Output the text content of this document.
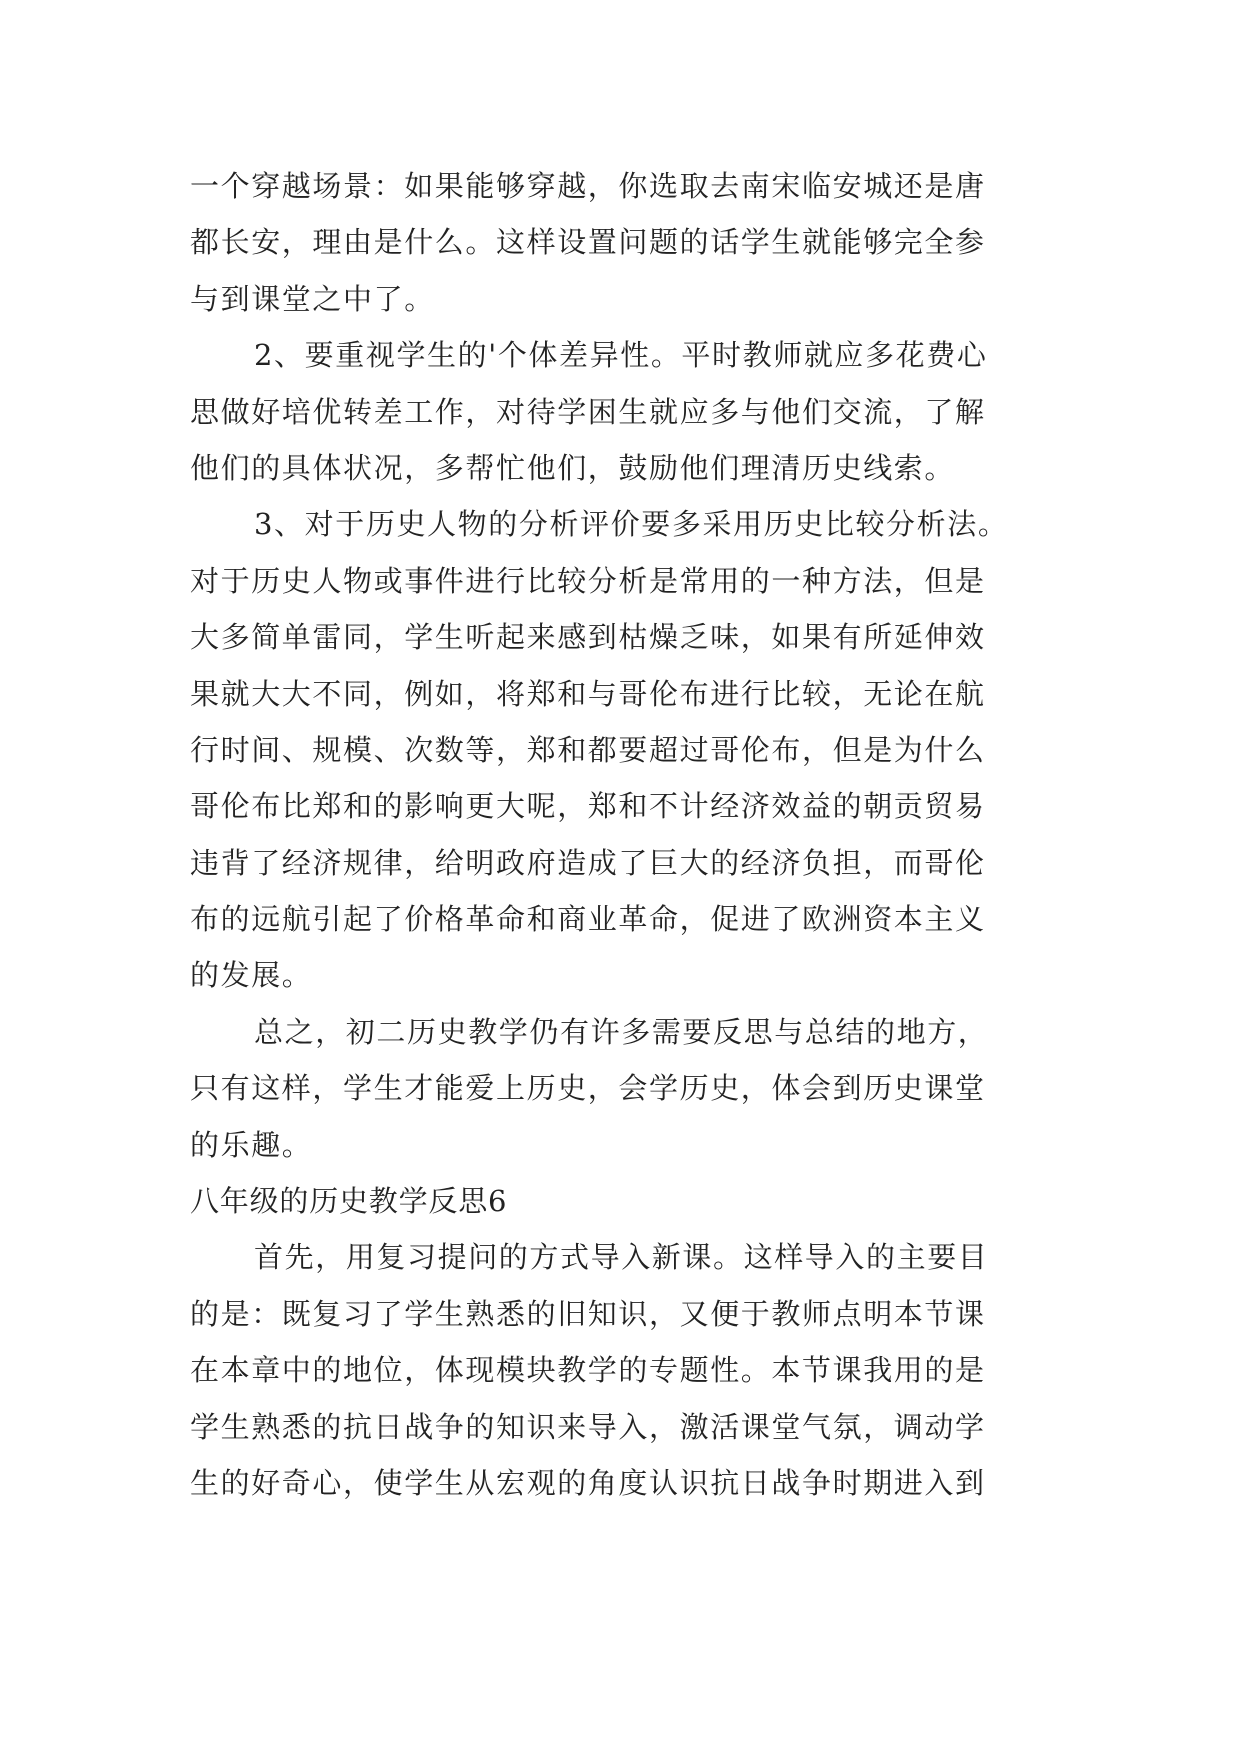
一个穿越场景：如果能够穿越，你选取去南宋临安城还是唐
都长安，理由是什么。这样设置问题的话学生就能够完全参
与到课堂之中了。
2、要重视学生的'个体差异性。平时教师就应多花费心
思做好培优转差工作，对待学困生就应多与他们交流，了解
他们的具体状况，多帮忙他们，鼓励他们理清历史线索。
3、对于历史人物的分析评价要多采用历史比较分析法。
对于历史人物或事件进行比较分析是常用的一种方法，但是
大多简单雷同，学生听起来感到枯燥乏味，如果有所延伸效
果就大大不同，例如，将郑和与哥伦布进行比较，无论在航
行时间、规模、次数等，郑和都要超过哥伦布，但是为什么
哥伦布比郑和的影响更大呢，郑和不计经济效益的朝贡贸易
违背了经济规律，给明政府造成了巨大的经济负担，而哥伦
布的远航引起了价格革命和商业革命，促进了欧洲资本主义
的发展。
总之，初二历史教学仍有许多需要反思与总结的地方，
只有这样，学生才能爱上历史，会学历史，体会到历史课堂
的乐趣。
八年级的历史教学反思6
首先，用复习提问的方式导入新课。这样导入的主要目
的是：既复习了学生熟悉的旧知识，又便于教师点明本节课
在本章中的地位，体现模块教学的专题性。本节课我用的是
学生熟悉的抗日战争的知识来导入，激活课堂气氛，调动学
生的好奇心，使学生从宏观的角度认识抗日战争时期进入到
